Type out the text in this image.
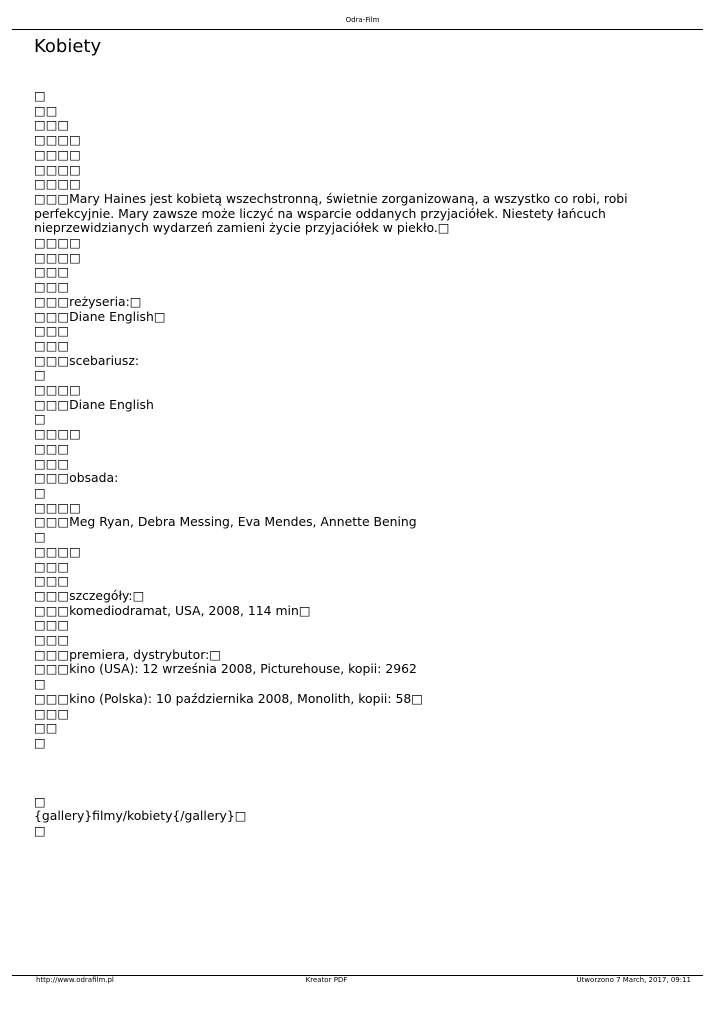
Odra-Film
Kobiety
□
□□
□□□
□□□□
□□□□
□□□□
□□□□
□□□Mary Haines jest kobietą wszechstronną, świetnie zorganizowaną, a wszystko co robi, robi perfekcyjnie. Mary zawsze może liczyć na wsparcie oddanych przyjaciółek. Niestety łańcuch nieprzewidzianych wydarzeń zamieni życie przyjaciółek w piekło.□
□□□□
□□□□
□□□
□□□
□□□reżyseria:□
□□□Diane English□
□□□
□□□
□□□scebariusz:
□
□□□□
□□□Diane English
□
□□□□
□□□
□□□
□□□obsada:
□
□□□□
□□□Meg Ryan, Debra Messing, Eva Mendes, Annette Bening
□
□□□□
□□□
□□□
□□□szczegóły:□
□□□komediodramat, USA, 2008, 114 min□
□□□
□□□
□□□premiera, dystrybutor:□
□□□kino (USA): 12 września 2008, Picturehouse, kopii: 2962
□
□□□kino (Polska): 10 października 2008, Monolith, kopii: 58□
□□□
□□
□
□
{gallery}filmy/kobiety{/gallery}□
□
http://www.odrafilm.pl	Kreator PDF	Utworzono 7 March, 2017, 09:11
